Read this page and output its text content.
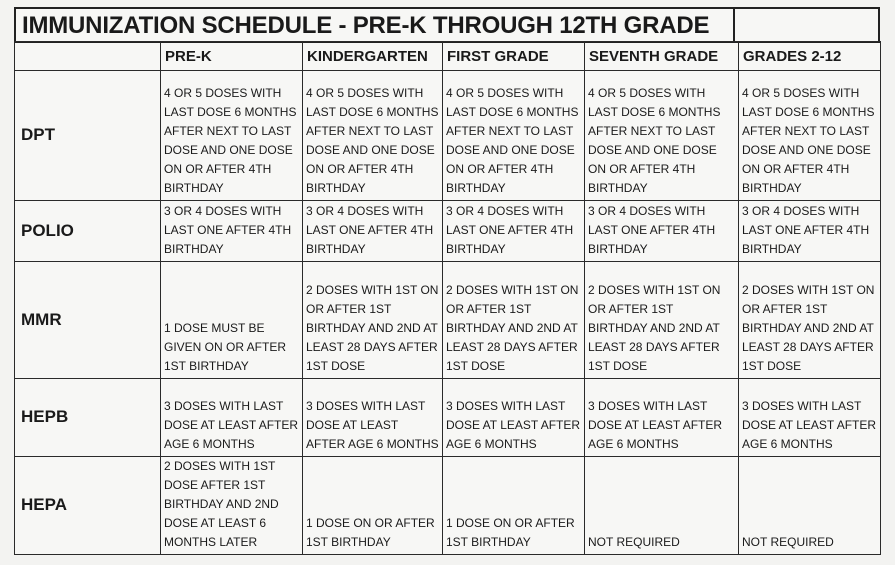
IMMUNIZATION SCHEDULE - PRE-K THROUGH 12TH GRADE
	PRE-K	KINDERGARTEN	FIRST GRADE	SEVENTH GRADE	GRADES 2-12
DPT	4 OR 5 DOSES WITH LAST DOSE 6 MONTHS AFTER NEXT TO LAST DOSE AND ONE DOSE ON OR AFTER 4TH BIRTHDAY	4 OR 5 DOSES WITH LAST DOSE 6 MONTHS AFTER NEXT TO LAST DOSE AND ONE DOSE ON OR AFTER 4TH BIRTHDAY	4 OR 5 DOSES WITH LAST DOSE 6 MONTHS AFTER NEXT TO LAST DOSE AND ONE DOSE ON OR AFTER 4TH BIRTHDAY	4 OR 5 DOSES WITH LAST DOSE 6 MONTHS AFTER NEXT TO LAST DOSE AND ONE DOSE ON OR AFTER 4TH BIRTHDAY	4 OR 5 DOSES WITH LAST DOSE 6 MONTHS AFTER NEXT TO LAST DOSE AND ONE DOSE ON OR AFTER 4TH BIRTHDAY
POLIO	3 OR 4 DOSES WITH LAST ONE AFTER 4TH BIRTHDAY	3 OR 4 DOSES WITH LAST ONE AFTER 4TH BIRTHDAY	3 OR 4 DOSES WITH LAST ONE AFTER 4TH BIRTHDAY	3 OR 4 DOSES WITH LAST ONE AFTER 4TH BIRTHDAY	3 OR 4 DOSES WITH LAST ONE AFTER 4TH BIRTHDAY
MMR	1 DOSE MUST BE GIVEN ON OR AFTER 1ST BIRTHDAY	2 DOSES WITH 1ST ON OR AFTER 1ST BIRTHDAY AND 2ND AT LEAST 28 DAYS AFTER 1ST DOSE	2 DOSES WITH 1ST ON OR AFTER 1ST BIRTHDAY AND 2ND AT LEAST 28 DAYS AFTER 1ST DOSE	2 DOSES WITH 1ST ON OR AFTER 1ST BIRTHDAY AND 2ND AT LEAST 28 DAYS AFTER 1ST DOSE	2 DOSES WITH 1ST ON OR AFTER 1ST BIRTHDAY AND 2ND AT LEAST 28 DAYS AFTER 1ST DOSE
HEPB	3 DOSES WITH LAST DOSE AT LEAST AFTER AGE 6 MONTHS	3 DOSES WITH LAST DOSE AT LEAST AFTER AGE 6 MONTHS	3 DOSES WITH LAST DOSE AT LEAST AFTER AGE 6 MONTHS	3 DOSES WITH LAST DOSE AT LEAST AFTER AGE 6 MONTHS	3 DOSES WITH LAST DOSE AT LEAST AFTER AGE 6 MONTHS
HEPA	2 DOSES WITH 1ST DOSE AFTER 1ST BIRTHDAY AND 2ND DOSE AT LEAST 6 MONTHS LATER	1 DOSE ON OR AFTER 1ST BIRTHDAY	1 DOSE ON OR AFTER 1ST BIRTHDAY	NOT REQUIRED	NOT REQUIRED
